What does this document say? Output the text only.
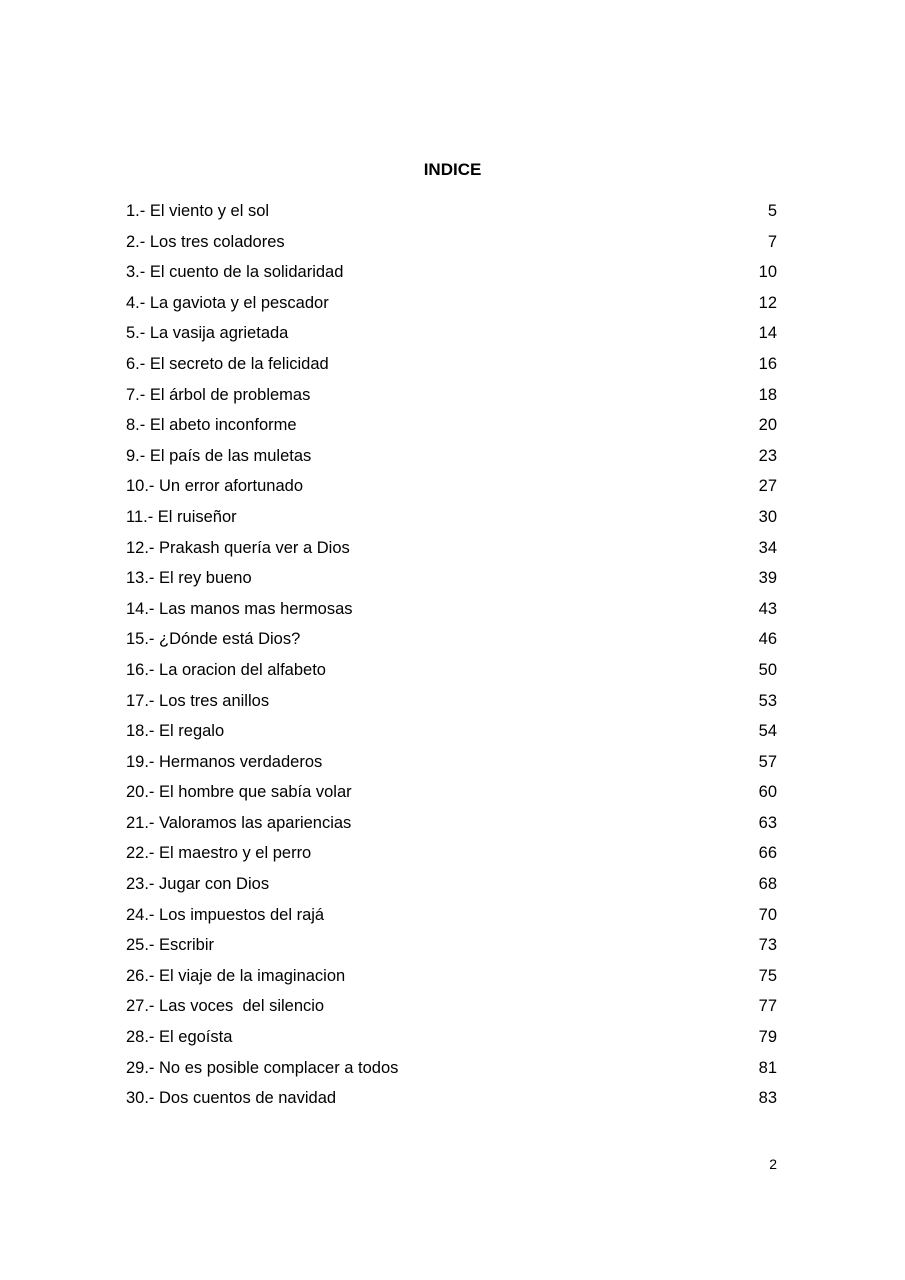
INDICE
1.- El viento y el sol	5
2.- Los tres coladores	7
3.- El cuento de la solidaridad	10
4.- La gaviota y el pescador	12
5.- La vasija agrietada	14
6.- El secreto de la felicidad	16
7.- El árbol de problemas	18
8.- El abeto inconforme	20
9.- El país de las muletas	23
10.- Un error afortunado	27
11.- El ruiseñor	30
12.- Prakash quería ver a Dios	34
13.- El rey bueno	39
14.- Las manos mas hermosas	43
15.- ¿Dónde está Dios?	46
16.- La oracion del alfabeto	50
17.- Los tres anillos	53
18.- El regalo	54
19.- Hermanos verdaderos	57
20.- El hombre que sabía volar	60
21.- Valoramos las apariencias	63
22.- El maestro y el perro	66
23.- Jugar con Dios	68
24.- Los impuestos del rajá	70
25.- Escribir	73
26.- El viaje de la imaginacion	75
27.- Las voces  del silencio	77
28.- El egoísta	79
29.- No es posible complacer a todos	81
30.- Dos cuentos de navidad	83
2
